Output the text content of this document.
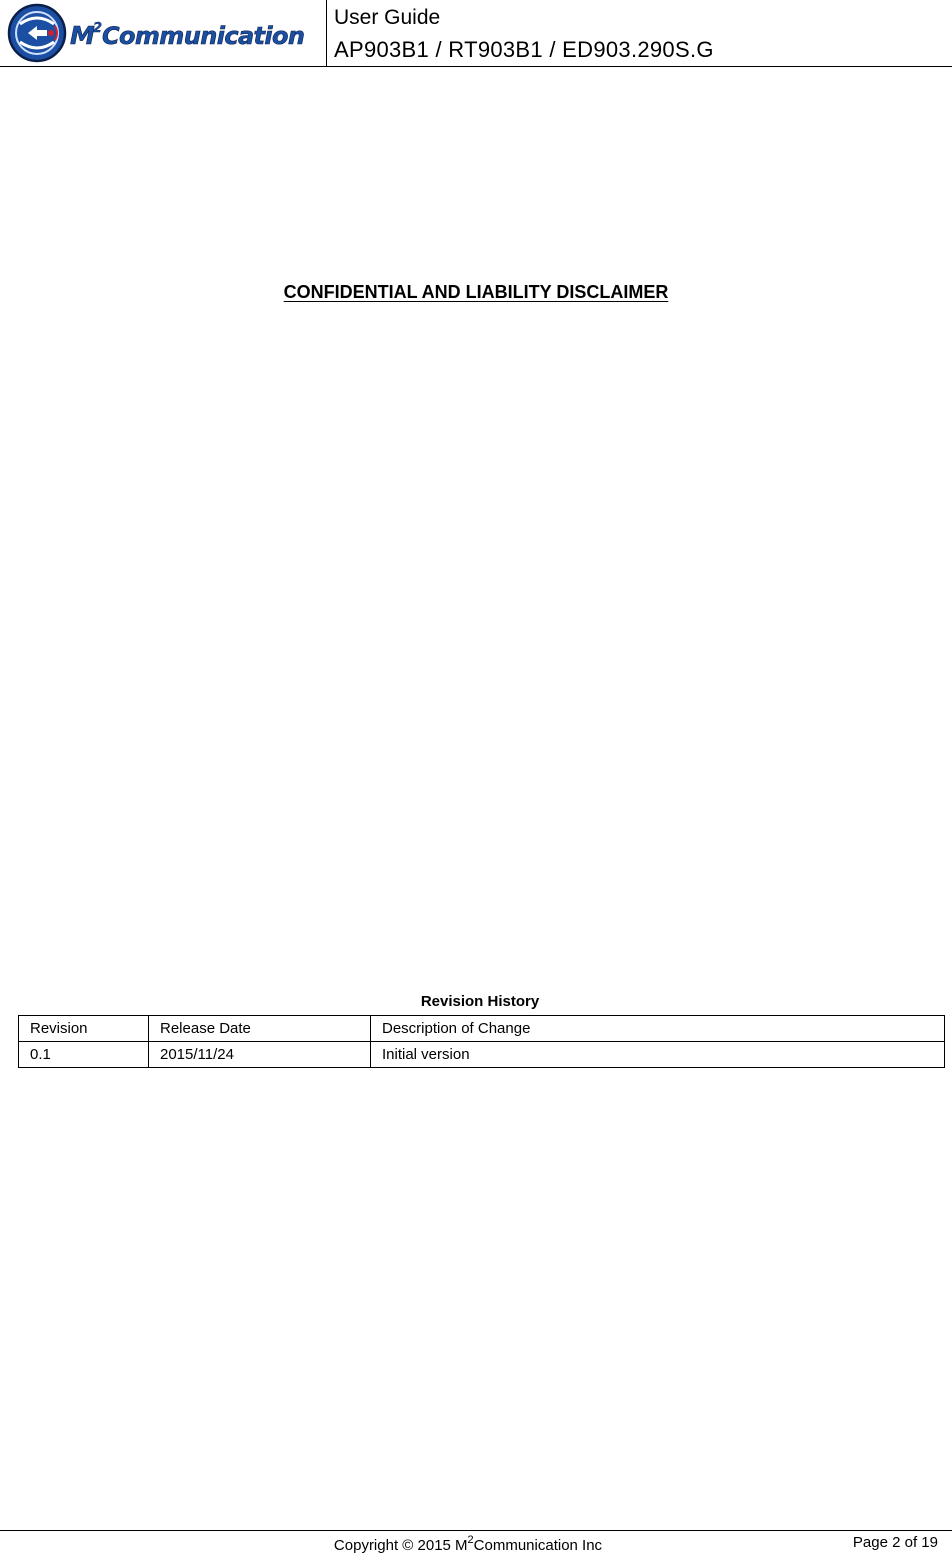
M
2 Communication
User Guide
AP903B1 / RT903B1 / ED903.290S.G
CONFIDENTIAL AND LIABILITY DISCLAIMER
Revision History
Revision	Release Date	Description of Change
0.1	2015/11/24	Initial version
Copyright © 2015 $M^2Communication$ Inc	Page 2 of 19
